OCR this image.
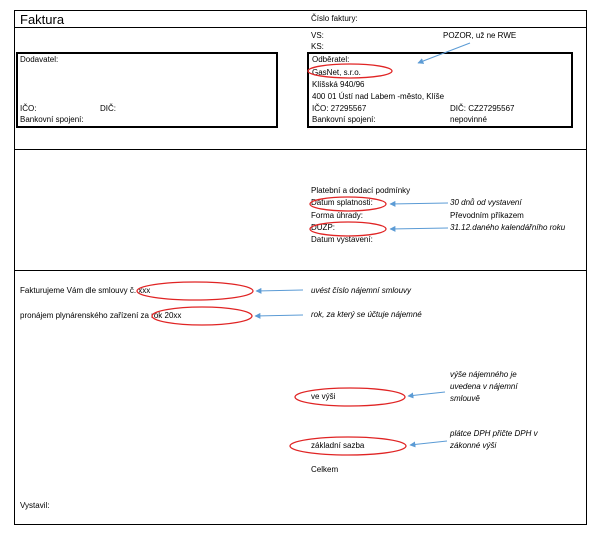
Faktura	Číslo faktury:
VS:	POZOR, už ne RWE
KS:
Dodavatel:
IČO:	DIČ:
Bankovní spojení:
Odběratel:
GasNet, s.r.o.
Klíšská 940/96
400 01 Ústí nad Labem -město, Klíše
IČO: 27295567	DIČ: CZ27295567
Bankovní spojení:	nepovinné
Platební a dodací podmínky
Datum splatnosti:	30 dnů od vystavení
Forma úhrady:	Převodním příkazem
DUZP:	31.12.daného kalendářního roku
Datum vystavení:
Fakturujeme Vám dle smlouvy č. xxx	uvést číslo nájemní smlouvy
pronájem plynárenského zařízení za rok 20xx	rok, za který se účtuje nájemné
výše nájemného je
uvedena v nájemní
smlouvě
ve výši
plátce DPH přičte DPH v
zákonné výši
základní sazba
Celkem
Vystavil:
